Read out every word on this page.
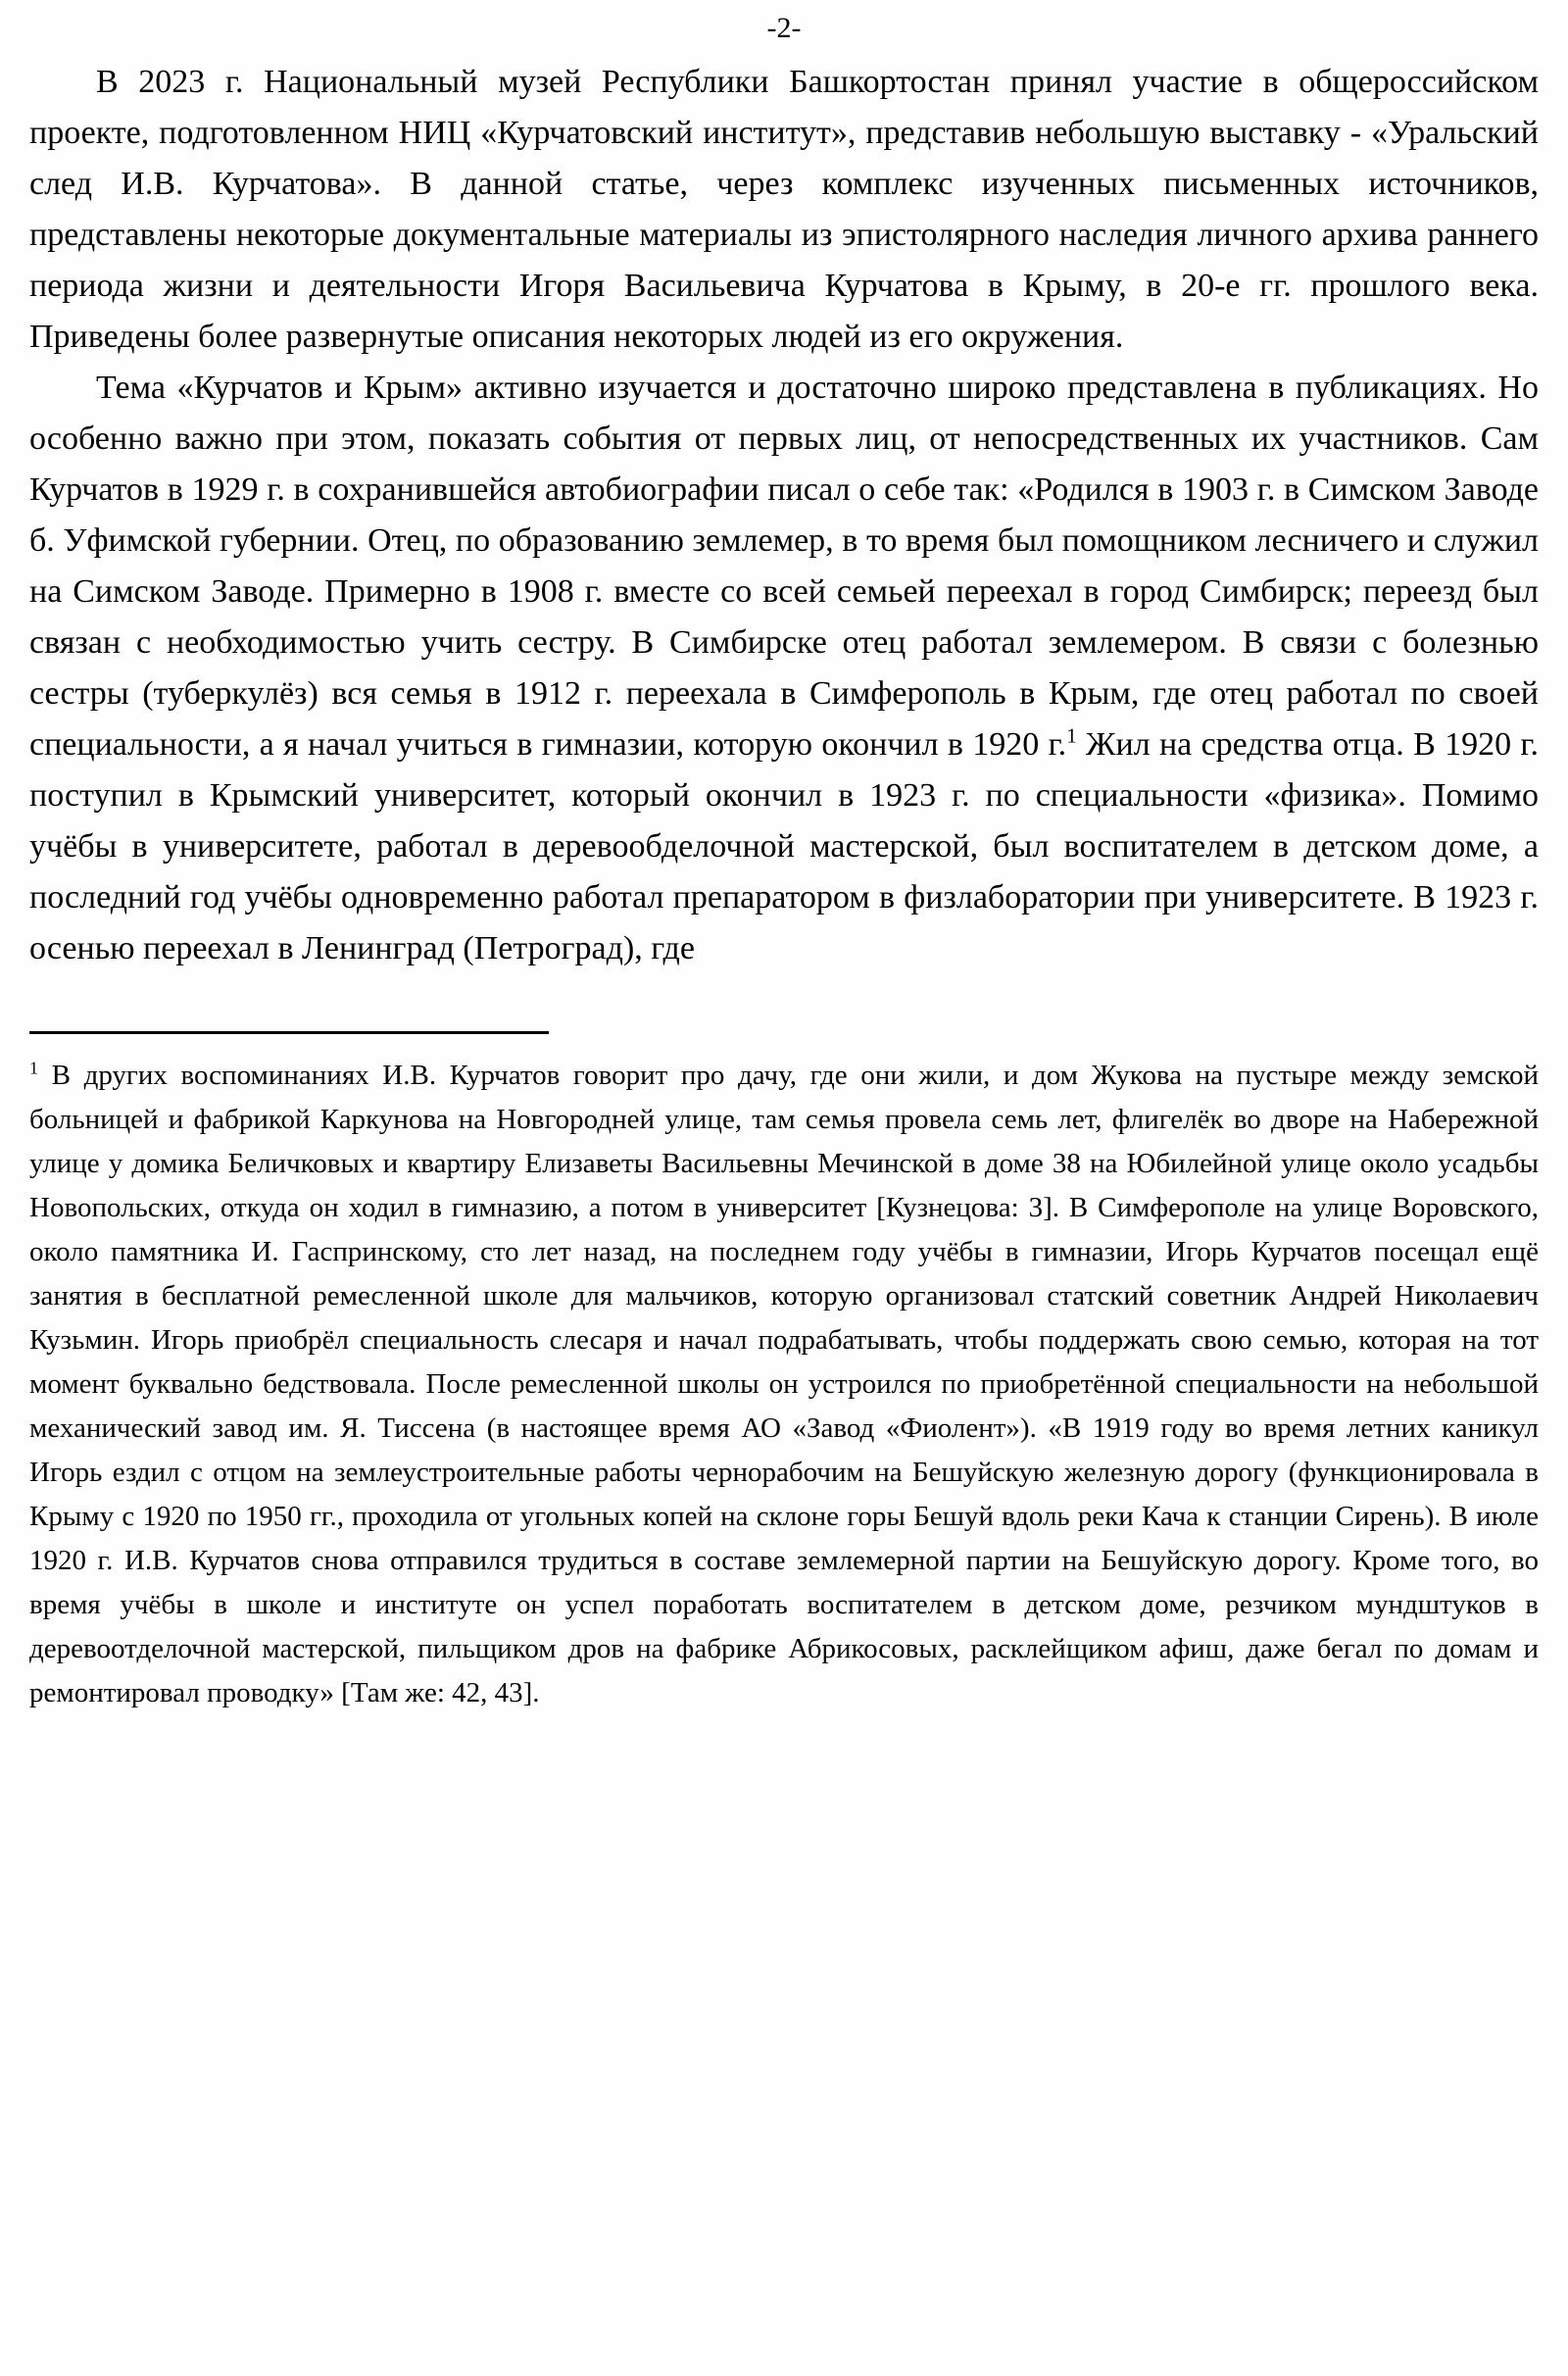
-2-

В 2023 г. Национальный музей Республики Башкортостан принял участие в общероссийском проекте, подготовленном НИЦ «Курчатовский институт», представив небольшую выставку - «Уральский след И.В. Курчатова». В данной статье, через комплекс изученных письменных источников, представлены некоторые документальные материалы из эпистолярного наследия личного архива раннего периода жизни и деятельности Игоря Васильевича Курчатова в Крыму, в 20-е гг. прошлого века. Приведены более развернутые описания некоторых людей из его окружения.

Тема «Курчатов и Крым» активно изучается и достаточно широко представлена в публикациях. Но особенно важно при этом, показать события от первых лиц, от непосредственных их участников. Сам Курчатов в 1929 г. в сохранившейся автобиографии писал о себе так: «Родился в 1903 г. в Симском Заводе б. Уфимской губернии. Отец, по образованию землемер, в то время был помощником лесничего и служил на Симском Заводе. Примерно в 1908 г. вместе со всей семьей переехал в город Симбирск; переезд был связан с необходимостью учить сестру. В Симбирске отец работал землемером. В связи с болезнью сестры (туберкулёз) вся семья в 1912 г. переехала в Симферополь в Крым, где отец работал по своей специальности, а я начал учиться в гимназии, которую окончил в 1920 г.$^1$ Жил на средства отца. В 1920 г. поступил в Крымский университет, который окончил в 1923 г. по специальности «физика». Помимо учёбы в университете, работал в деревообделочной мастерской, был воспитателем в детском доме, а последний год учёбы одновременно работал препаратором в физлаборатории при университете. В 1923 г. осенью переехал в Ленинград (Петроград), где

$^1$ В других воспоминаниях И.В. Курчатов говорит про дачу, где они жили, и дом Жукова на пустыре между земской больницей и фабрикой Каркунова на Новгородней улице, там семья провела семь лет, флигелёк во дворе на Набережной улице у домика Беличковых и квартиру Елизаветы Васильевны Мечинской в доме 38 на Юбилейной улице около усадьбы Новопольских, откуда он ходил в гимназию, а потом в университет [Кузнецова: 3]. В Симферополе на улице Воровского, около памятника И. Гаспринскому, сто лет назад, на последнем году учёбы в гимназии, Игорь Курчатов посещал ещё занятия в бесплатной ремесленной школе для мальчиков, которую организовал статский советник Андрей Николаевич Кузьмин. Игорь приобрёл специальность слесаря и начал подрабатывать, чтобы поддержать свою семью, которая на тот момент буквально бедствовала. После ремесленной школы он устроился по приобретённой специальности на небольшой механический завод им. Я. Тиссена (в настоящее время АО «Завод «Фиолент»). «В 1919 году во время летних каникул Игорь ездил с отцом на землеустроительные работы чернорабочим на Бешуйскую железную дорогу (функционировала в Крыму с 1920 по 1950 гг., проходила от угольных копей на склоне горы Бешуй вдоль реки Кача к станции Сирень). В июле 1920 г. И.В. Курчатов снова отправился трудиться в составе землемерной партии на Бешуйскую дорогу. Кроме того, во время учёбы в школе и институте он успел поработать воспитателем в детском доме, резчиком мундштуков в деревоотделочной мастерской, пильщиком дров на фабрике Абрикосовых, расклейщиком афиш, даже бегал по домам и ремонтировал проводку» [Там же: 42, 43].
